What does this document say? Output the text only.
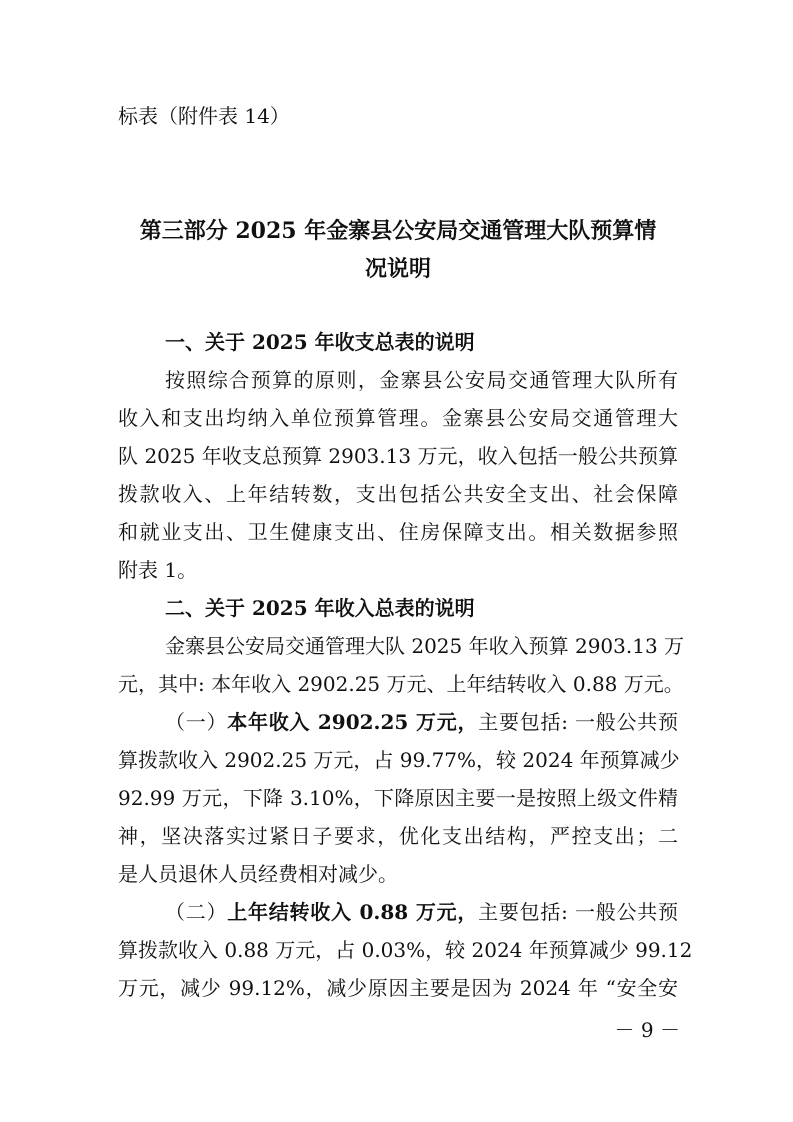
标表（附件表 14）
第三部分 2025 年金寨县公安局交通管理大队预算情
况说明
一、关于 2025 年收支总表的说明
按照综合预算的原则，金寨县公安局交通管理大队所有
收入和支出均纳入单位预算管理。金寨县公安局交通管理大
队 2025 年收支总预算 2903.13 万元，收入包括一般公共预算
拨款收入、上年结转数，支出包括公共安全支出、社会保障
和就业支出、卫生健康支出、住房保障支出。相关数据参照
附表 1。
二、关于 2025 年收入总表的说明
金寨县公安局交通管理大队 2025 年收入预算 2903.13 万
元，其中: 本年收入 2902.25 万元、上年结转收入 0.88 万元。
（一）本年收入 2902.25 万元，主要包括: 一般公共预
算拨款收入 2902.25 万元，占 99.77%，较 2024 年预算减少
92.99 万元，下降 3.10%，下降原因主要一是按照上级文件精
神，坚决落实过紧日子要求，优化支出结构，严控支出；二
是人员退休人员经费相对减少。
（二）上年结转收入 0.88 万元，主要包括: 一般公共预
算拨款收入 0.88 万元，占 0.03%，较 2024 年预算减少 99.12
万元，减少 99.12%，减少原因主要是因为 2024 年 “安全安
－ 9 －
